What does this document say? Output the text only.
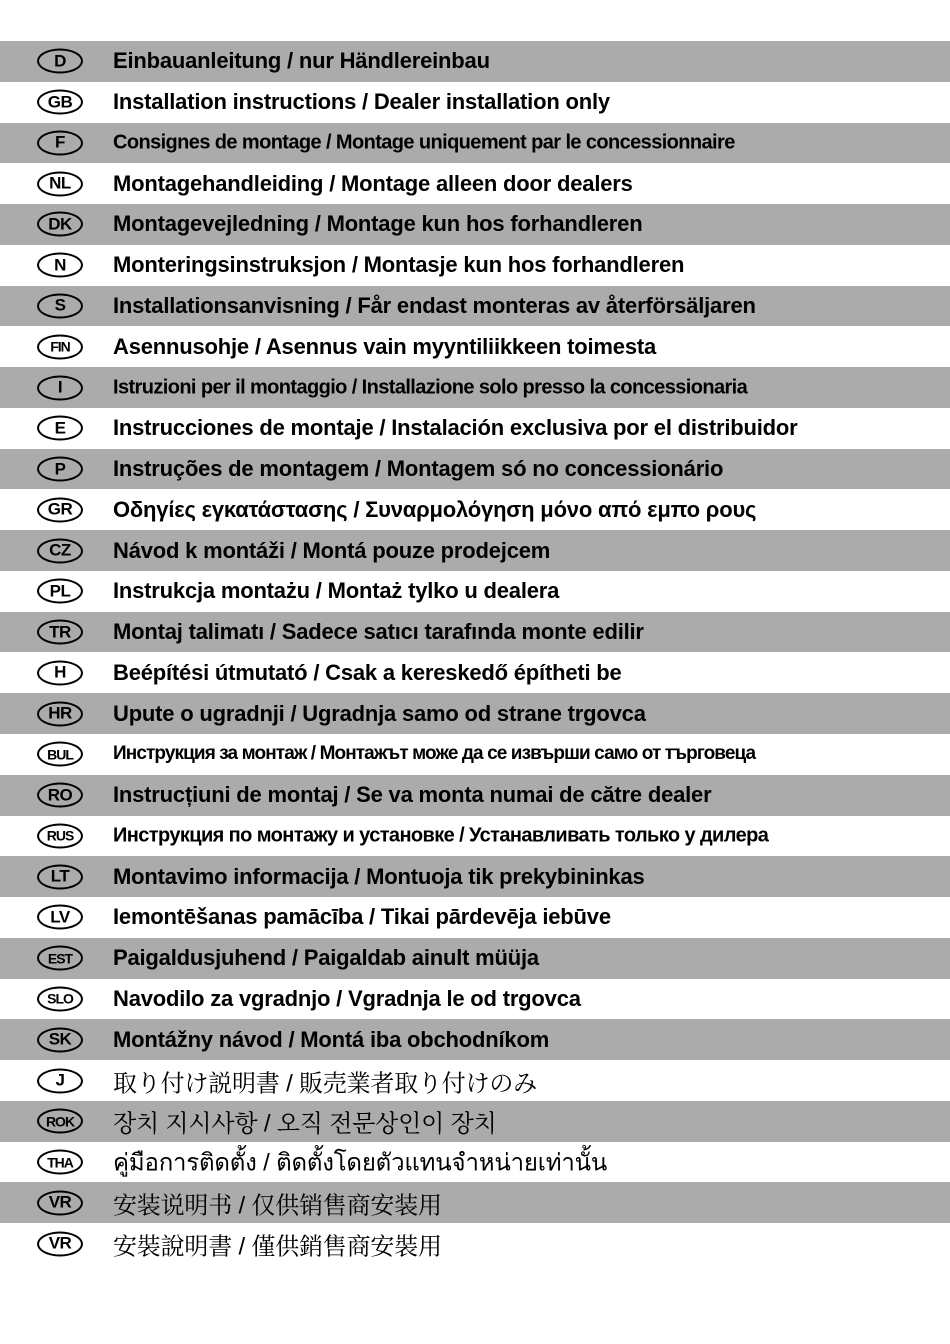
D	Einbauanleitung / nur Händlereinbau
GB	Installation instructions / Dealer installation only
F	Consignes de montage / Montage uniquement par le concessionnaire
NL	Montagehandleiding / Montage alleen door dealers
DK	Montagevejledning / Montage kun hos forhandleren
N	Monteringsinstruksjon / Montasje kun hos forhandleren
S	Installationsanvisning / Får endast monteras av återförsäljaren
FIN	Asennusohje / Asennus vain myyntiliikkeen toimesta
I	Istruzioni per il montaggio / Installazione solo presso la concessionaria
E	Instrucciones de montaje / Instalación exclusiva por el distribuidor
P	Instruções de montagem / Montagem só no concessionário
GR	Οδηγίες εγκατάστασης / Συναρμολόγηση μόνο από εμπο ρους
CZ	Návod k montáži / Montá pouze prodejcem
PL	Instrukcja montażu / Montaż tylko u dealera
TR	Montaj talimatı / Sadece satıcı tarafında monte edilir
H	Beépítési útmutató / Csak a kereskedő építheti be
HR	Upute o ugradnji / Ugradnja samo od strane trgovca
BUL	Инструкция за монтаж / Монтажът може да се извърши само от търговеца
RO	Instrucțiuni de montaj / Se va monta numai de către dealer
RUS	Инструкция по монтажу и установке / Устанавливать только у дилера
LT	Montavimo informacija / Montuoja tik prekybininkas
LV	Iemontēšanas pamācība / Tikai pārdevēja iebūve
EST	Paigaldusjuhend / Paigaldab ainult müüja
SLO	Navodilo za vgradnjo / Vgradnja le od trgovca
SK	Montážny návod / Montá iba obchodníkom
J	取り付け説明書 / 販売業者取り付けのみ
ROK	장치 지시사항 / 오직 전문상인이 장치
THA	คู่มือการติดตั้ง / ติดตั้งโดยตัวแทนจำหน่ายเท่านั้น
VR	安装说明书 / 仅供销售商安装用
VR	安裝說明書 / 僅供銷售商安裝用
